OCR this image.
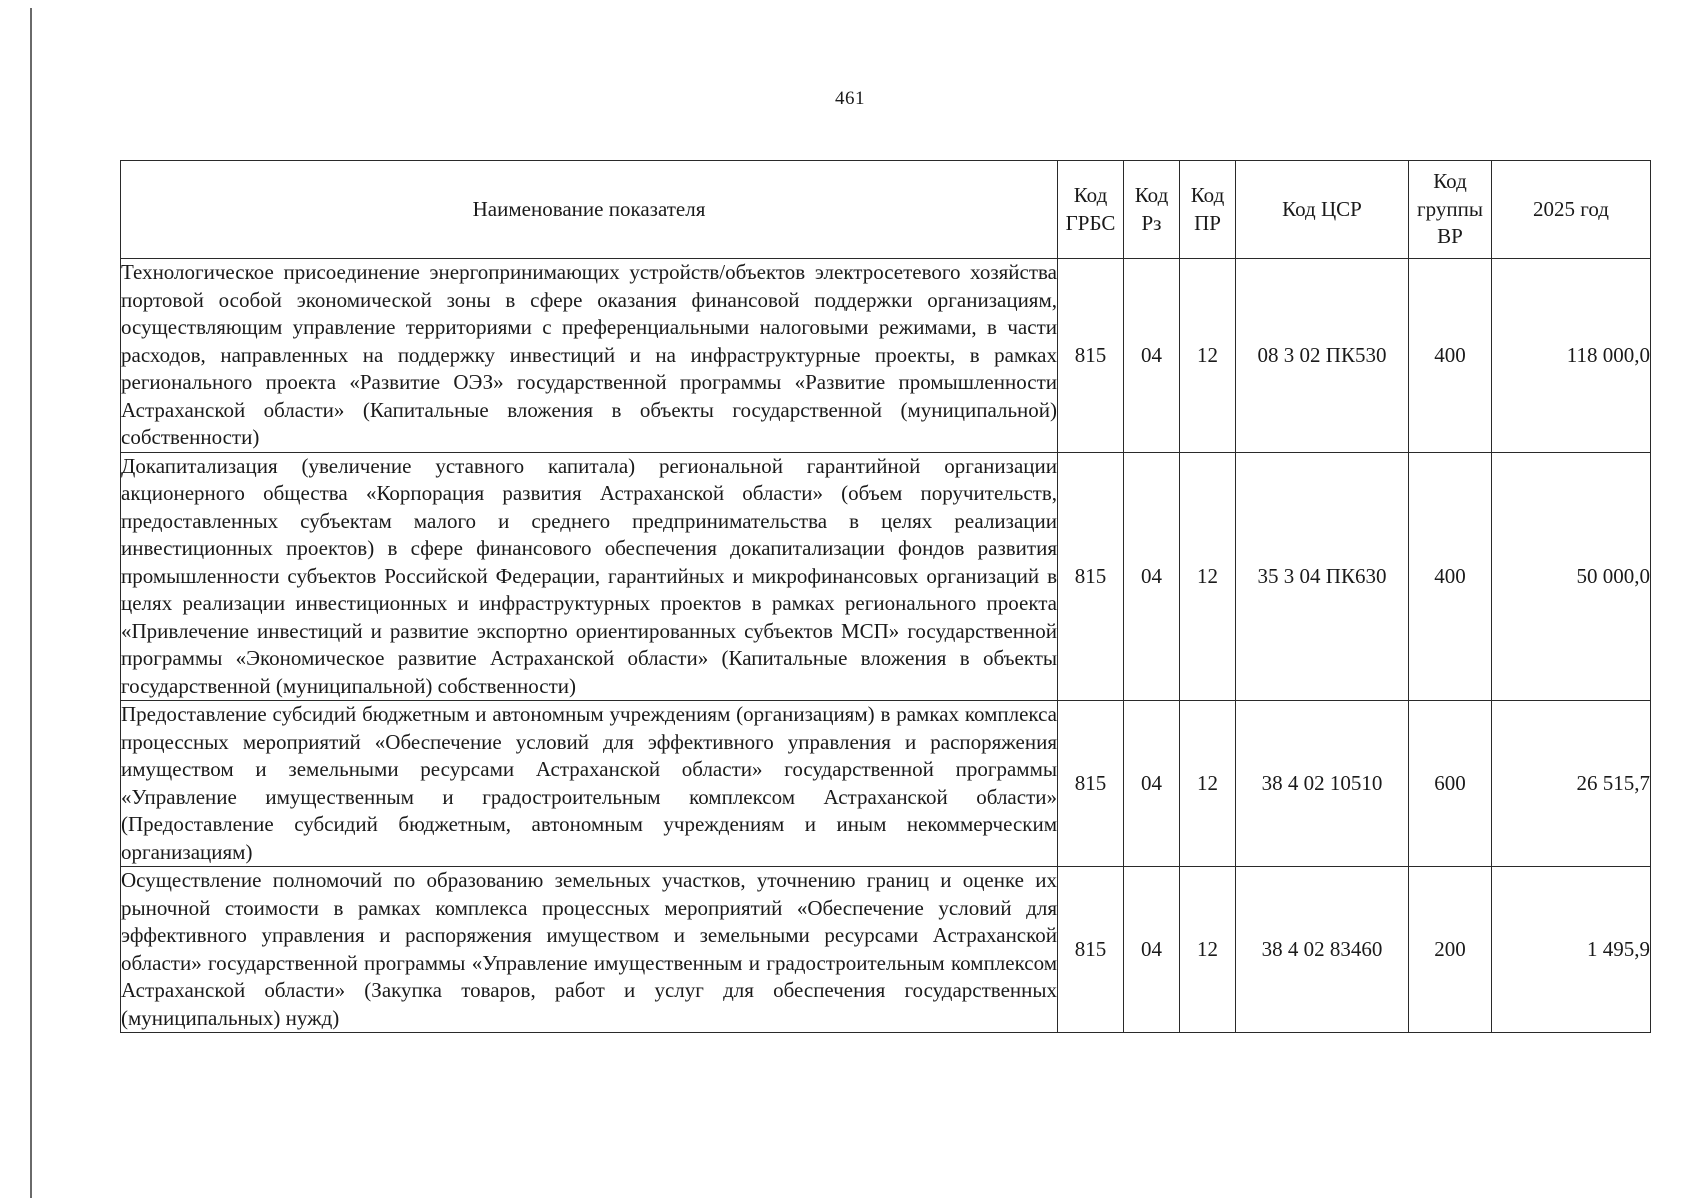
461
Наименование показателя	Код ГРБС	Код Рз	Код ПР	Код ЦСР	Код группы ВР	2025 год
Технологическое присоединение энергопринимающих устройств/объектов электросетевого хозяйства портовой особой экономической зоны в сфере оказания финансовой поддержки организациям, осуществляющим управление территориями с преференциальными налоговыми режимами, в части расходов, направленных на поддержку инвестиций и на инфраструктурные проекты, в рамках регионального проекта «Развитие ОЭЗ» государственной программы «Развитие промышленности Астраханской области» (Капитальные вложения в объекты государственной (муниципальной) собственности)	815	04	12	08 3 02 ПК530	400	118 000,0
Докапитализация (увеличение уставного капитала) региональной гарантийной организации акционерного общества «Корпорация развития Астраханской области» (объем поручительств, предоставленных субъектам малого и среднего предпринимательства в целях реализации инвестиционных проектов) в сфере финансового обеспечения докапитализации фондов развития промышленности субъектов Российской Федерации, гарантийных и микрофинансовых организаций в целях реализации инвестиционных и инфраструктурных проектов в рамках регионального проекта «Привлечение инвестиций и развитие экспортно ориентированных субъектов МСП» государственной программы «Экономическое развитие Астраханской области» (Капитальные вложения в объекты государственной (муниципальной) собственности)	815	04	12	35 3 04 ПК630	400	50 000,0
Предоставление субсидий бюджетным и автономным учреждениям (организациям) в рамках комплекса процессных мероприятий «Обеспечение условий для эффективного управления и распоряжения имуществом и земельными ресурсами Астраханской области» государственной программы «Управление имущественным и градостроительным комплексом Астраханской области» (Предоставление субсидий бюджетным, автономным учреждениям и иным некоммерческим организациям)	815	04	12	38 4 02 10510	600	26 515,7
Осуществление полномочий по образованию земельных участков, уточнению границ и оценке их рыночной стоимости в рамках комплекса процессных мероприятий «Обеспечение условий для эффективного управления и распоряжения имуществом и земельными ресурсами Астраханской области» государственной программы «Управление имущественным и градостроительным комплексом Астраханской области» (Закупка товаров, работ и услуг для обеспечения государственных (муниципальных) нужд)	815	04	12	38 4 02 83460	200	1 495,9
